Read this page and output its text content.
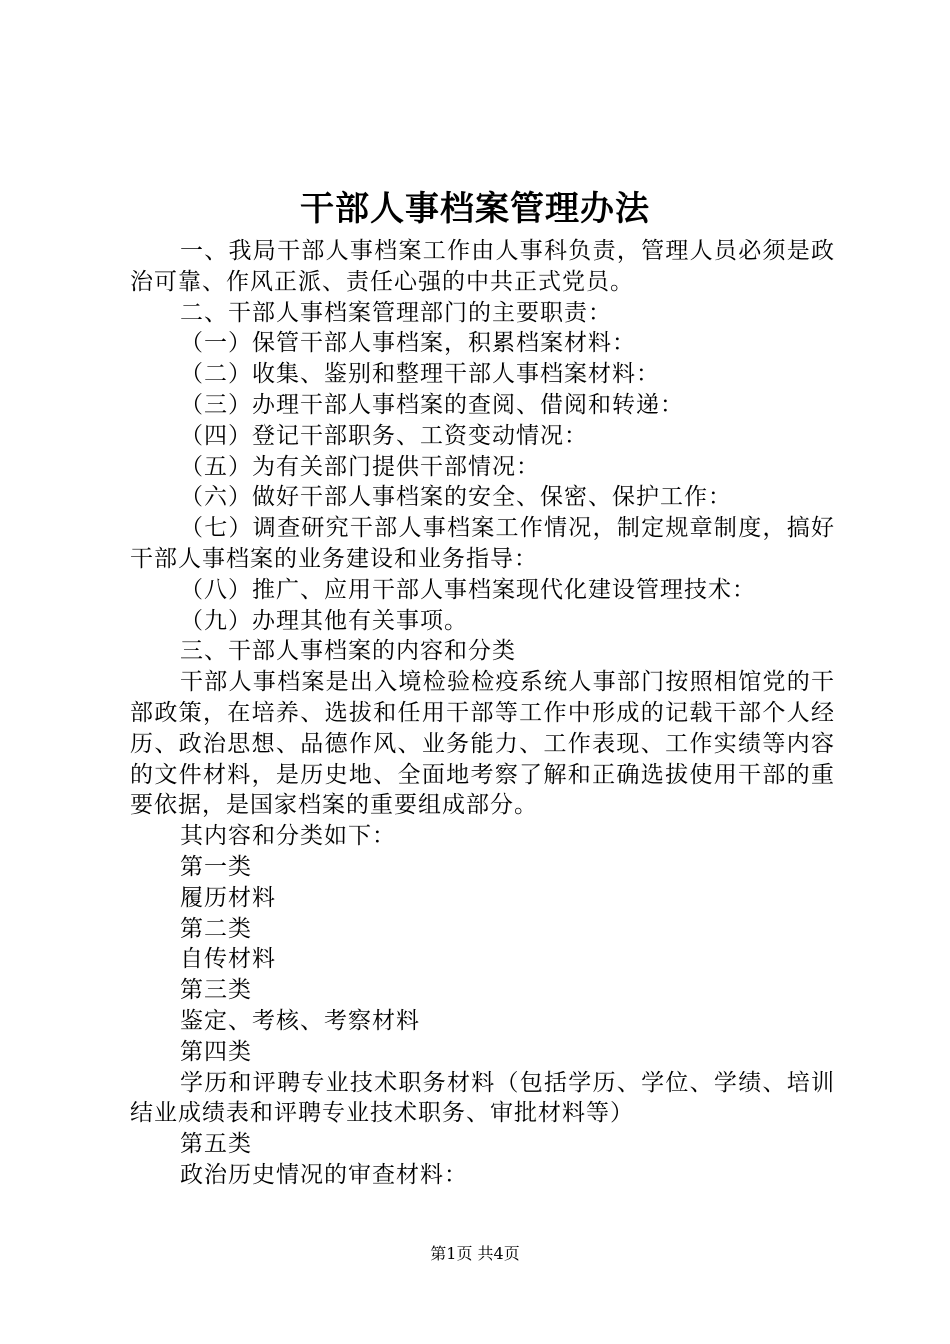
干部人事档案管理办法

一、我局干部人事档案工作由人事科负责，管理人员必须是政治可靠、作风正派、责任心强的中共正式党员。

二、干部人事档案管理部门的主要职责：

（一）保管干部人事档案，积累档案材料：

（二）收集、鉴别和整理干部人事档案材料：

（三）办理干部人事档案的查阅、借阅和转递：

（四）登记干部职务、工资变动情况：

（五）为有关部门提供干部情况：

（六）做好干部人事档案的安全、保密、保护工作：

（七）调查研究干部人事档案工作情况，制定规章制度，搞好干部人事档案的业务建设和业务指导：

（八）推广、应用干部人事档案现代化建设管理技术：

（九）办理其他有关事项。

三、干部人事档案的内容和分类

干部人事档案是出入境检验检疫系统人事部门按照相馆党的干部政策，在培养、选拔和任用干部等工作中形成的记载干部个人经历、政治思想、品德作风、业务能力、工作表现、工作实绩等内容的文件材料，是历史地、全面地考察了解和正确选拔使用干部的重要依据，是国家档案的重要组成部分。

其内容和分类如下：

第一类

履历材料

第二类

自传材料

第三类

鉴定、考核、考察材料

第四类

学历和评聘专业技术职务材料（包括学历、学位、学绩、培训结业成绩表和评聘专业技术职务、审批材料等）

第五类

政治历史情况的审查材料：

第1页 共4页
